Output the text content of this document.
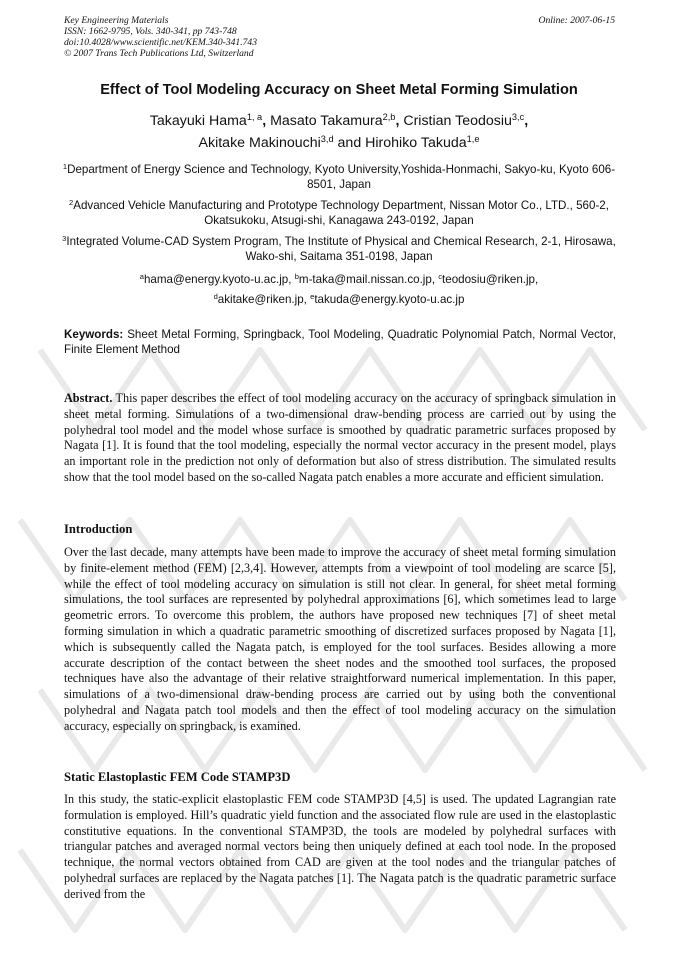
Key Engineering Materials
ISSN: 1662-9795, Vols. 340-341, pp 743-748
doi:10.4028/www.scientific.net/KEM.340-341.743
© 2007 Trans Tech Publications Ltd, Switzerland
Online: 2007-06-15
Effect of Tool Modeling Accuracy on Sheet Metal Forming Simulation
Takayuki Hama$^{1, a}$, Masato Takamura$^{2,b}$, Cristian Teodosiu$^{3,c}$,
Akitake Makinouchi$^{3,d}$ and Hirohiko Takuda$^{1,e}$
$^1$Department of Energy Science and Technology, Kyoto University,Yoshida-Honmachi, Sakyo-ku, Kyoto 606-8501, Japan
$^2$Advanced Vehicle Manufacturing and Prototype Technology Department, Nissan Motor Co., LTD., 560-2, Okatsukoku, Atsugi-shi, Kanagawa 243-0192, Japan
$^3$Integrated Volume-CAD System Program, The Institute of Physical and Chemical Research, 2-1, Hirosawa, Wako-shi, Saitama 351-0198, Japan
$^a$hama@energy.kyoto-u.ac.jp, $^b$m-taka@mail.nissan.co.jp, $^c$teodosiu@riken.jp,
$^d$akitake@riken.jp, $^e$takuda@energy.kyoto-u.ac.jp
Keywords: Sheet Metal Forming, Springback, Tool Modeling, Quadratic Polynomial Patch, Normal Vector, Finite Element Method
Abstract. This paper describes the effect of tool modeling accuracy on the accuracy of springback simulation in sheet metal forming. Simulations of a two-dimensional draw-bending process are carried out by using the polyhedral tool model and the model whose surface is smoothed by quadratic parametric surfaces proposed by Nagata [1]. It is found that the tool modeling, especially the normal vector accuracy in the present model, plays an important role in the prediction not only of deformation but also of stress distribution. The simulated results show that the tool model based on the so-called Nagata patch enables a more accurate and efficient simulation.
Introduction
Over the last decade, many attempts have been made to improve the accuracy of sheet metal forming simulation by finite-element method (FEM) [2,3,4]. However, attempts from a viewpoint of tool modeling are scarce [5], while the effect of tool modeling accuracy on simulation is still not clear. In general, for sheet metal forming simulations, the tool surfaces are represented by polyhedral approximations [6], which sometimes lead to large geometric errors. To overcome this problem, the authors have proposed new techniques [7] of sheet metal forming simulation in which a quadratic parametric smoothing of discretized surfaces proposed by Nagata [1], which is subsequently called the Nagata patch, is employed for the tool surfaces. Besides allowing a more accurate description of the contact between the sheet nodes and the smoothed tool surfaces, the proposed techniques have also the advantage of their relative straightforward numerical implementation. In this paper, simulations of a two-dimensional draw-bending process are carried out by using both the conventional polyhedral and Nagata patch tool models and then the effect of tool modeling accuracy on the simulation accuracy, especially on springback, is examined.
Static Elastoplastic FEM Code STAMP3D
In this study, the static-explicit elastoplastic FEM code STAMP3D [4,5] is used. The updated Lagrangian rate formulation is employed. Hill’s quadratic yield function and the associated flow rule are used in the elastoplastic constitutive equations. In the conventional STAMP3D, the tools are modeled by polyhedral surfaces with triangular patches and averaged normal vectors being then uniquely defined at each tool node. In the proposed technique, the normal vectors obtained from CAD are given at the tool nodes and the triangular patches of polyhedral surfaces are replaced by the Nagata patches [1]. The Nagata patch is the quadratic parametric surface derived from the
